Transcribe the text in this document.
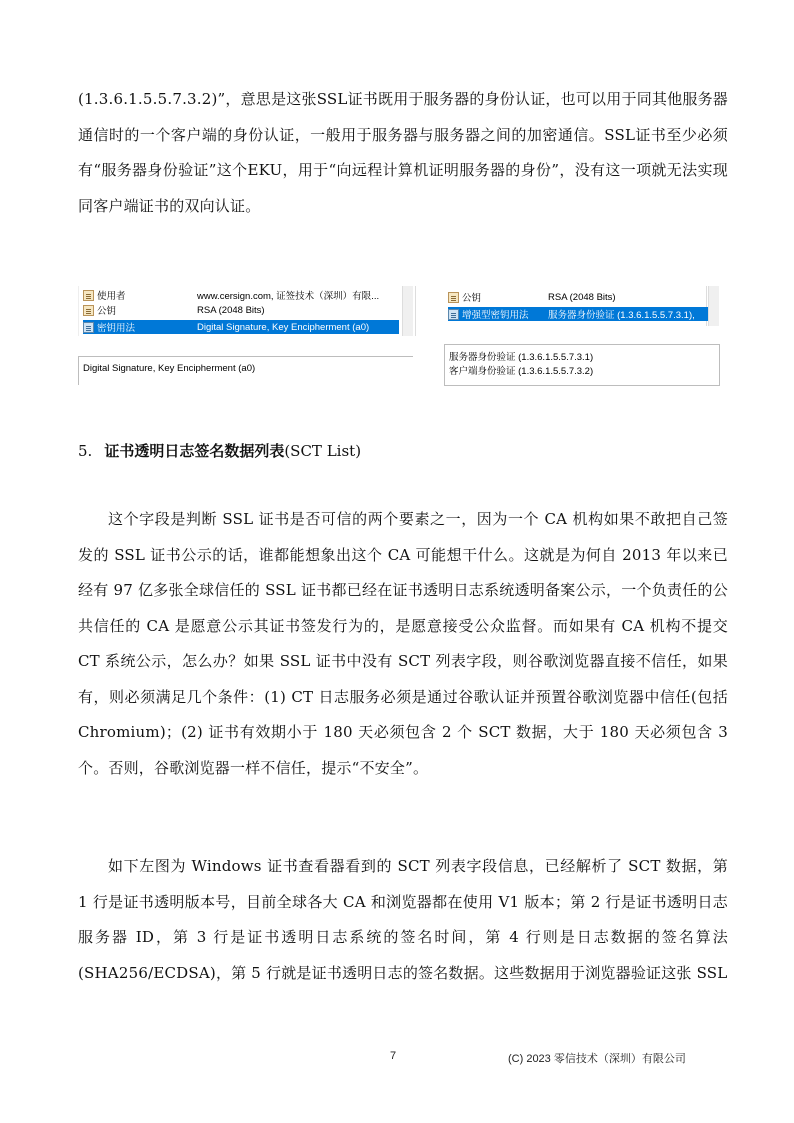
(1.3.6.1.5.5.7.3.2)”，意思是这张SSL证书既用于服务器的身份认证，也可以用于同其他服务器通信时的一个客户端的身份认证，一般用于服务器与服务器之间的加密通信。SSL证书至少必须有“服务器身份验证”这个EKU，用于“向远程计算机证明服务器的身份”，没有这一项就无法实现同客户端证书的双向认证。

使用者	www.cersign.com, 证签技术（深圳）有限...
公钥	RSA (2048 Bits)
密钥用法	Digital Signature, Key Encipherment (a0)
Digital Signature, Key Encipherment (a0)
公钥	RSA (2048 Bits)
增强型密钥用法	服务器身份验证 (1.3.6.1.5.5.7.3.1),
服务器身份验证 (1.3.6.1.5.5.7.3.1)
客户端身份验证 (1.3.6.1.5.5.7.3.2)
5. 证书透明日志签名数据列表(SCT List)

这个字段是判断 SSL 证书是否可信的两个要素之一，因为一个 CA 机构如果不敢把自己签发的 SSL 证书公示的话，谁都能想象出这个 CA 可能想干什么。这就是为何自 2013 年以来已经有 97 亿多张全球信任的 SSL 证书都已经在证书透明日志系统透明备案公示，一个负责任的公共信任的 CA 是愿意公示其证书签发行为的，是愿意接受公众监督。而如果有 CA 机构不提交 CT 系统公示，怎么办？如果 SSL 证书中没有 SCT 列表字段，则谷歌浏览器直接不信任，如果有，则必须满足几个条件：(1) CT 日志服务必须是通过谷歌认证并预置谷歌浏览器中信任(包括 Chromium)；(2) 证书有效期小于 180 天必须包含 2 个 SCT 数据，大于 180 天必须包含 3 个。否则，谷歌浏览器一样不信任，提示“不安全”。

如下左图为 Windows 证书查看器看到的 SCT 列表字段信息，已经解析了 SCT 数据，第 1 行是证书透明版本号，目前全球各大 CA 和浏览器都在使用 V1 版本；第 2 行是证书透明日志服务器 ID，第 3 行是证书透明日志系统的签名时间，第 4 行则是日志数据的签名算法(SHA256/ECDSA)，第 5 行就是证书透明日志的签名数据。这些数据用于浏览器验证这张 SSL

7	(C) 2023 零信技术（深圳）有限公司
